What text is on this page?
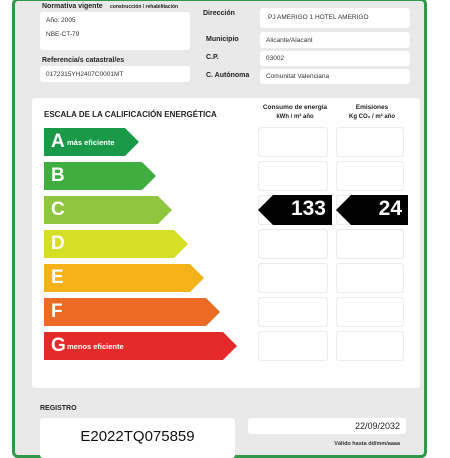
Normativa vigente construcción / rehabilitación
Año: 2005
NBE-CT-79
Referencia/s catastral/es
0172315YH2407C0001MT
Dirección
PJ AMERIGO 1 HOTEL AMERIGO
Municipio	Alicante/Alacant
C.P.	03002
C. Autónoma	Comunitat Valenciana
ESCALA DE LA CALIFICACIÓN ENERGÉTICA
Consumo de energía
kWh / m² año
Emisiones
Kg CO₂ / m² año
A más eficiente
B
C	133	24
D
E
F
G menos eficiente
REGISTRO
E2022TQ075859
22/09/2032
Válido hasta dd/mm/aaaa
